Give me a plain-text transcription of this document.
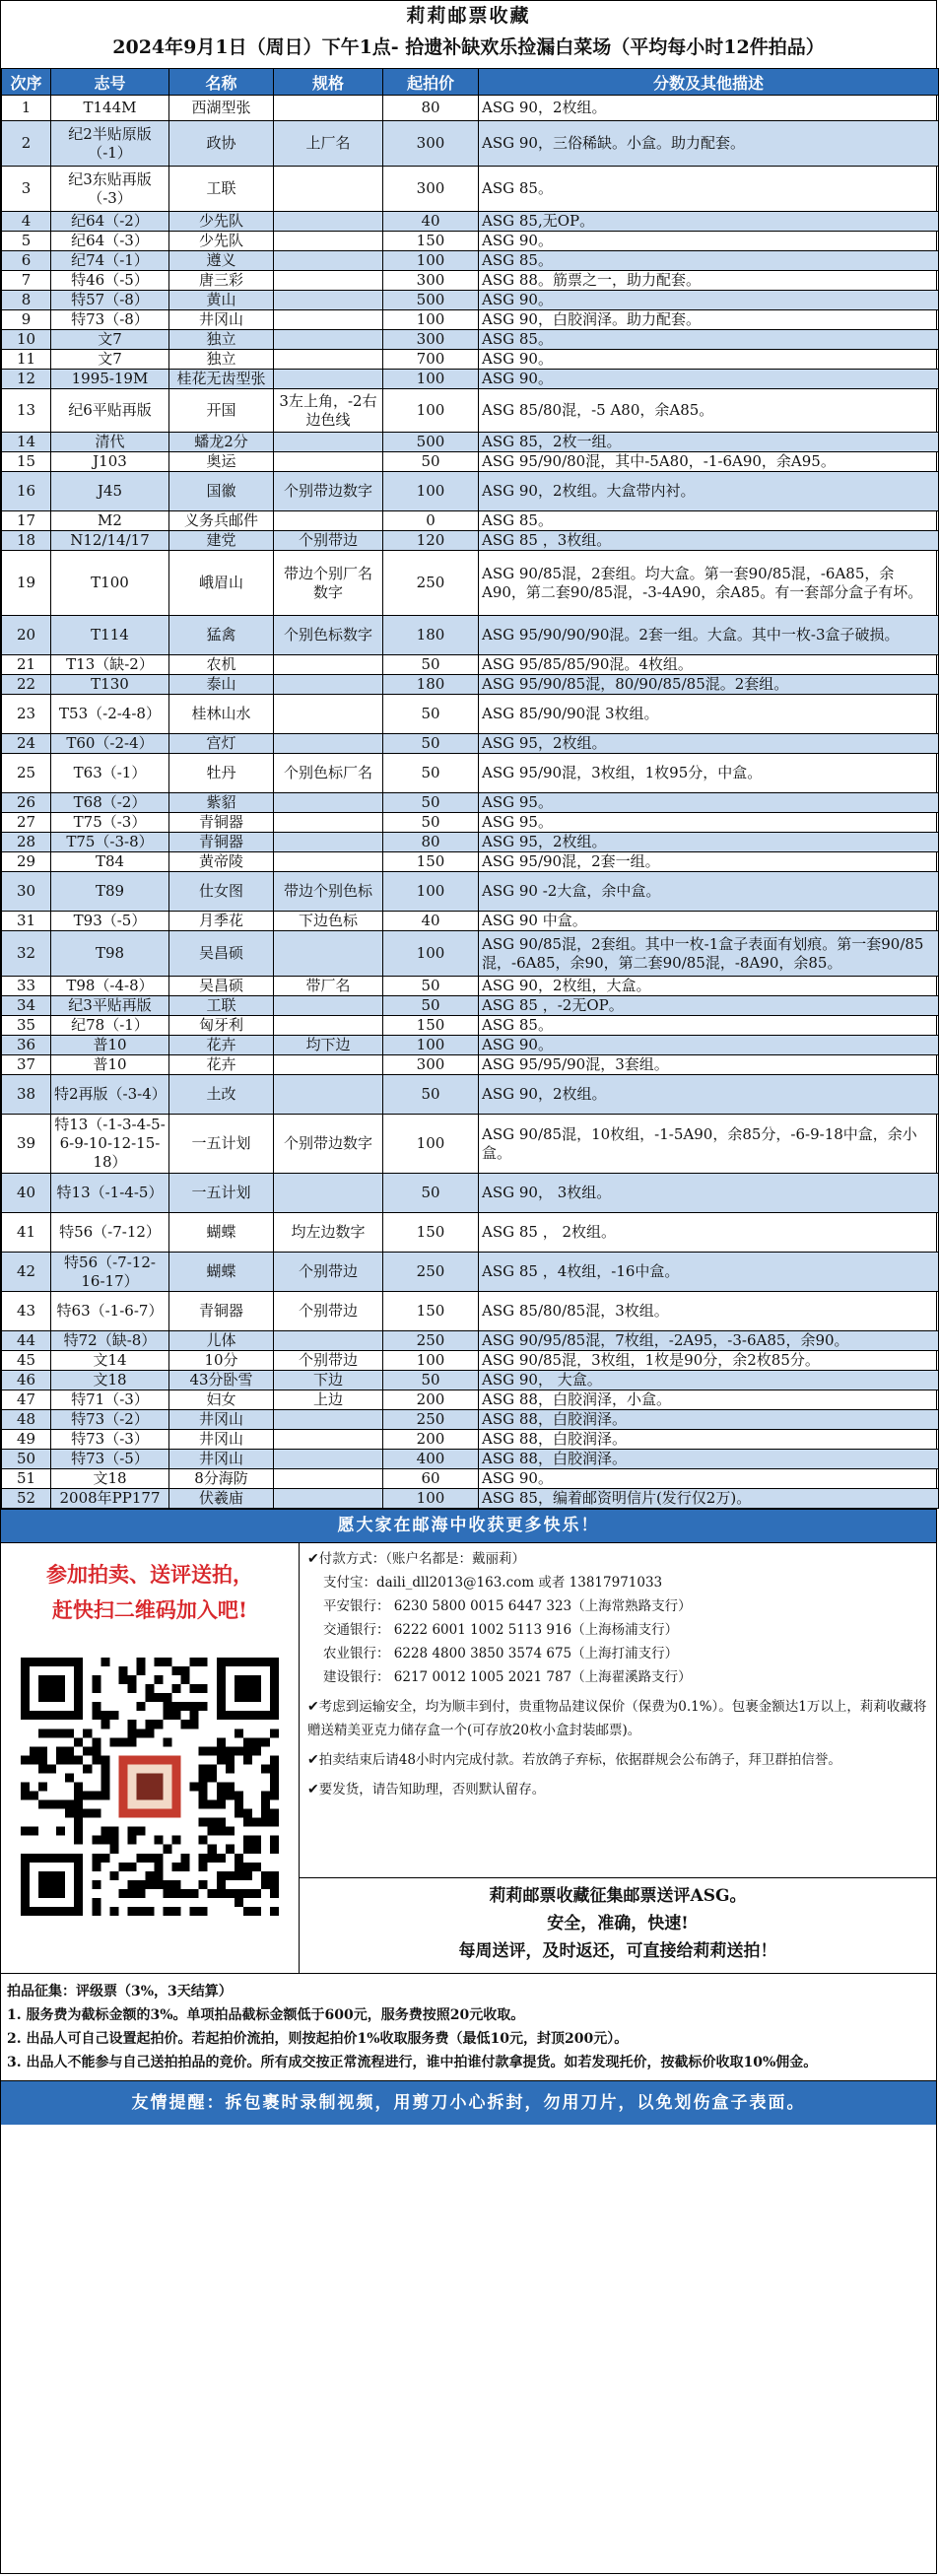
莉莉邮票收藏
2024年9月1日（周日）下午1点- 拾遗补缺欢乐捡漏白菜场（平均每小时12件拍品）
次序	志号	名称	规格	起拍价	分数及其他描述
1	T144M	西湖型张		80	ASG 90，2枚组。
2	纪2半贴原版（-1）	政协	上厂名	300	ASG 90，三俗稀缺。小盒。助力配套。
3	纪3东贴再版（-3）	工联		300	ASG 85。
4	纪64（-2）	少先队		40	ASG 85,无OP。
5	纪64（-3）	少先队		150	ASG 90。
6	纪74（-1）	遵义		100	ASG 85。
7	特46（-5）	唐三彩		300	ASG 88。筋票之一，助力配套。
8	特57（-8）	黄山		500	ASG 90。
9	特73（-8）	井冈山		100	ASG 90，白胶润泽。助力配套。
10	文7	独立		300	ASG 85。
11	文7	独立		700	ASG 90。
12	1995-19M	桂花无齿型张		100	ASG 90。
13	纪6平贴再版	开国	3左上角，-2右边色线	100	ASG 85/80混，-5 A80，余A85。
14	清代	蟠龙2分		500	ASG 85，2枚一组。
15	J103	奥运		50	ASG 95/90/80混，其中-5A80，-1-6A90，余A95。
16	J45	国徽	个别带边数字	100	ASG 90，2枚组。大盒带内衬。
17	M2	义务兵邮件		0	ASG 85。
18	N12/14/17	建党	个别带边	120	ASG 85 ，3枚组。
19	T100	峨眉山	带边个别厂名数字	250	ASG 90/85混，2套组。均大盒。第一套90/85混，-6A85，余A90，第二套90/85混，-3-4A90，余A85。有一套部分盒子有坏。
20	T114	猛禽	个别色标数字	180	ASG 95/90/90/90混。2套一组。大盒。其中一枚-3盒子破损。
21	T13（缺-2）	农机		50	ASG 95/85/85/90混。4枚组。
22	T130	泰山		180	ASG 95/90/85混，80/90/85/85混。2套组。
23	T53（-2-4-8）	桂林山水		50	ASG 85/90/90混 3枚组。
24	T60（-2-4）	宫灯		50	ASG 95，2枚组。
25	T63（-1）	牡丹	个别色标厂名	50	ASG 95/90混，3枚组，1枚95分，中盒。
26	T68（-2）	紫貂		50	ASG 95。
27	T75（-3）	青铜器		50	ASG 95。
28	T75（-3-8）	青铜器		80	ASG 95，2枚组。
29	T84	黄帝陵		150	ASG 95/90混，2套一组。
30	T89	仕女图	带边个别色标	100	ASG 90 -2大盒，余中盒。
31	T93（-5）	月季花	下边色标	40	ASG 90 中盒。
32	T98	吴昌硕		100	ASG 90/85混，2套组。其中一枚-1盒子表面有划痕。第一套90/85混，-6A85，余90，第二套90/85混，-8A90，余85。
33	T98（-4-8）	吴昌硕	带厂名	50	ASG 90，2枚组，大盒。
34	纪3平贴再版	工联		50	ASG 85 ，-2无OP。
35	纪78（-1）	匈牙利		150	ASG 85。
36	普10	花卉	均下边	100	ASG 90。
37	普10	花卉		300	ASG 95/95/90混，3套组。
38	特2再版（-3-4）	土改		50	ASG 90，2枚组。
39	特13（-1-3-4-5-6-9-10-12-15-18）	一五计划	个别带边数字	100	ASG 90/85混，10枚组，-1-5A90，余85分，-6-9-18中盒，余小盒。
40	特13（-1-4-5）	一五计划		50	ASG 90， 3枚组。
41	特56（-7-12）	蝴蝶	均左边数字	150	ASG 85 ， 2枚组。
42	特56（-7-12-16-17）	蝴蝶	个别带边	250	ASG 85 ，4枚组，-16中盒。
43	特63（-1-6-7）	青铜器	个别带边	150	ASG 85/80/85混，3枚组。
44	特72（缺-8）	儿体		250	ASG 90/95/85混，7枚组，-2A95，-3-6A85，余90。
45	文14	10分	个别带边	100	ASG 90/85混，3枚组，1枚是90分，余2枚85分。
46	文18	43分卧雪	下边	50	ASG 90， 大盒。
47	特71（-3）	妇女	上边	200	ASG 88，白胶润泽，小盒。
48	特73（-2）	井冈山		250	ASG 88，白胶润泽。
49	特73（-3）	井冈山		200	ASG 88，白胶润泽。
50	特73（-5）	井冈山		400	ASG 88，白胶润泽。
51	文18	8分海防		60	ASG 90。
52	2008年PP177	伏羲庙		100	ASG 85，编着邮资明信片(发行仅2万)。
愿大家在邮海中收获更多快乐！
参加拍卖、送评送拍，
赶快扫二维码加入吧!
✔付款方式：（账户名都是：戴丽莉）
支付宝：daili_dll2013@163.com 或者 13817971033
平安银行： 6230 5800 0015 6447 323（上海常熟路支行）
交通银行： 6222 6001 1002 5113 916（上海杨浦支行）
农业银行： 6228 4800 3850 3574 675（上海打浦支行）
建设银行： 6217 0012 1005 2021 787（上海翟溪路支行）
✔考虑到运输安全，均为顺丰到付，贵重物品建议保价（保费为0.1%）。包裹金额达1万以上，莉莉收藏将赠送精美亚克力储存盒一个(可存放20枚小盒封装邮票)。
✔拍卖结束后请48小时内完成付款。若放鸽子弃标，依据群规会公布鸽子，拜卫群拍信誉。
✔要发货，请告知助理，否则默认留存。
莉莉邮票收藏征集邮票送评ASG。
安全，准确，快速!
每周送评，及时返还，可直接给莉莉送拍！
拍品征集：评级票（3%，3天结算）
1. 服务费为截标金额的3%。单项拍品截标金额低于600元，服务费按照20元收取。
2. 出品人可自己设置起拍价。若起拍价流拍，则按起拍价1%收取服务费（最低10元，封顶200元）。
3. 出品人不能参与自己送拍拍品的竞价。所有成交按正常流程进行，谁中拍谁付款拿提货。如若发现托价，按截标价收取10%佣金。
友情提醒：拆包裹时录制视频，用剪刀小心拆封，勿用刀片，以免划伤盒子表面。
